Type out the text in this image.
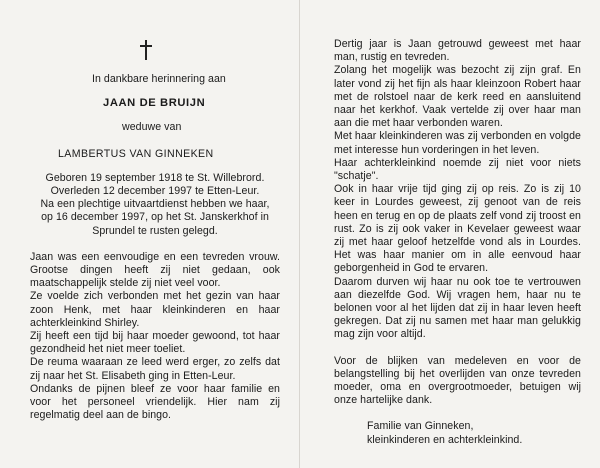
In dankbare herinnering aan

JAAN DE BRUIJN

weduwe van

LAMBERTUS VAN GINNEKEN

Geboren 19 september 1918 te St. Willebrord.

Overleden 12 december 1997 te Etten-Leur.

Na een plechtige uitvaartdienst hebben we haar,

op 16 december 1997, op het St. Janskerkhof in

Sprundel te rusten gelegd.

Jaan was een eenvoudige en een tevreden vrouw. Grootse dingen heeft zij niet gedaan, ook maatschappelijk stelde zij niet veel voor.

Ze voelde zich verbonden met het gezin van haar zoon Henk, met haar kleinkinderen en haar achterkleinkind Shirley.

Zij heeft een tijd bij haar moeder gewoond, tot haar gezondheid het niet meer toeliet.

De reuma waaraan ze leed werd erger, zo zelfs dat zij naar het St. Elisabeth ging in Etten-Leur.

Ondanks de pijnen bleef ze voor haar familie en voor het personeel vriendelijk. Hier nam zij regelmatig deel aan de bingo.

Dertig jaar is Jaan getrouwd geweest met haar man, rustig en tevreden.

Zolang het mogelijk was bezocht zij zijn graf. En later vond zij het fijn als haar kleinzoon Robert haar met de rolstoel naar de kerk reed en aansluitend naar het kerkhof. Vaak vertelde zij over haar man aan die met haar verbonden waren.

Met haar kleinkinderen was zij verbonden en volgde met interesse hun vorderingen in het leven.

Haar achterkleinkind noemde zij niet voor niets "schatje".

Ook in haar vrije tijd ging zij op reis. Zo is zij 10 keer in Lourdes geweest, zij genoot van de reis heen en terug en op de plaats zelf vond zij troost en rust. Zo is zij ook vaker in Kevelaer geweest waar zij met haar geloof hetzelfde vond als in Lourdes. Het was haar manier om in alle eenvoud haar geborgenheid in God te ervaren.

Daarom durven wij haar nu ook toe te vertrouwen aan diezelfde God. Wij vragen hem, haar nu te belonen voor al het lijden dat zij in haar leven heeft gekregen. Dat zij nu samen met haar man gelukkig mag zijn voor altijd.

Voor de blijken van medeleven en voor de belangstelling bij het overlijden van onze tevreden moeder, oma en overgrootmoeder, betuigen wij onze hartelijke dank.

Familie van Ginneken,

kleinkinderen en achterkleinkind.
